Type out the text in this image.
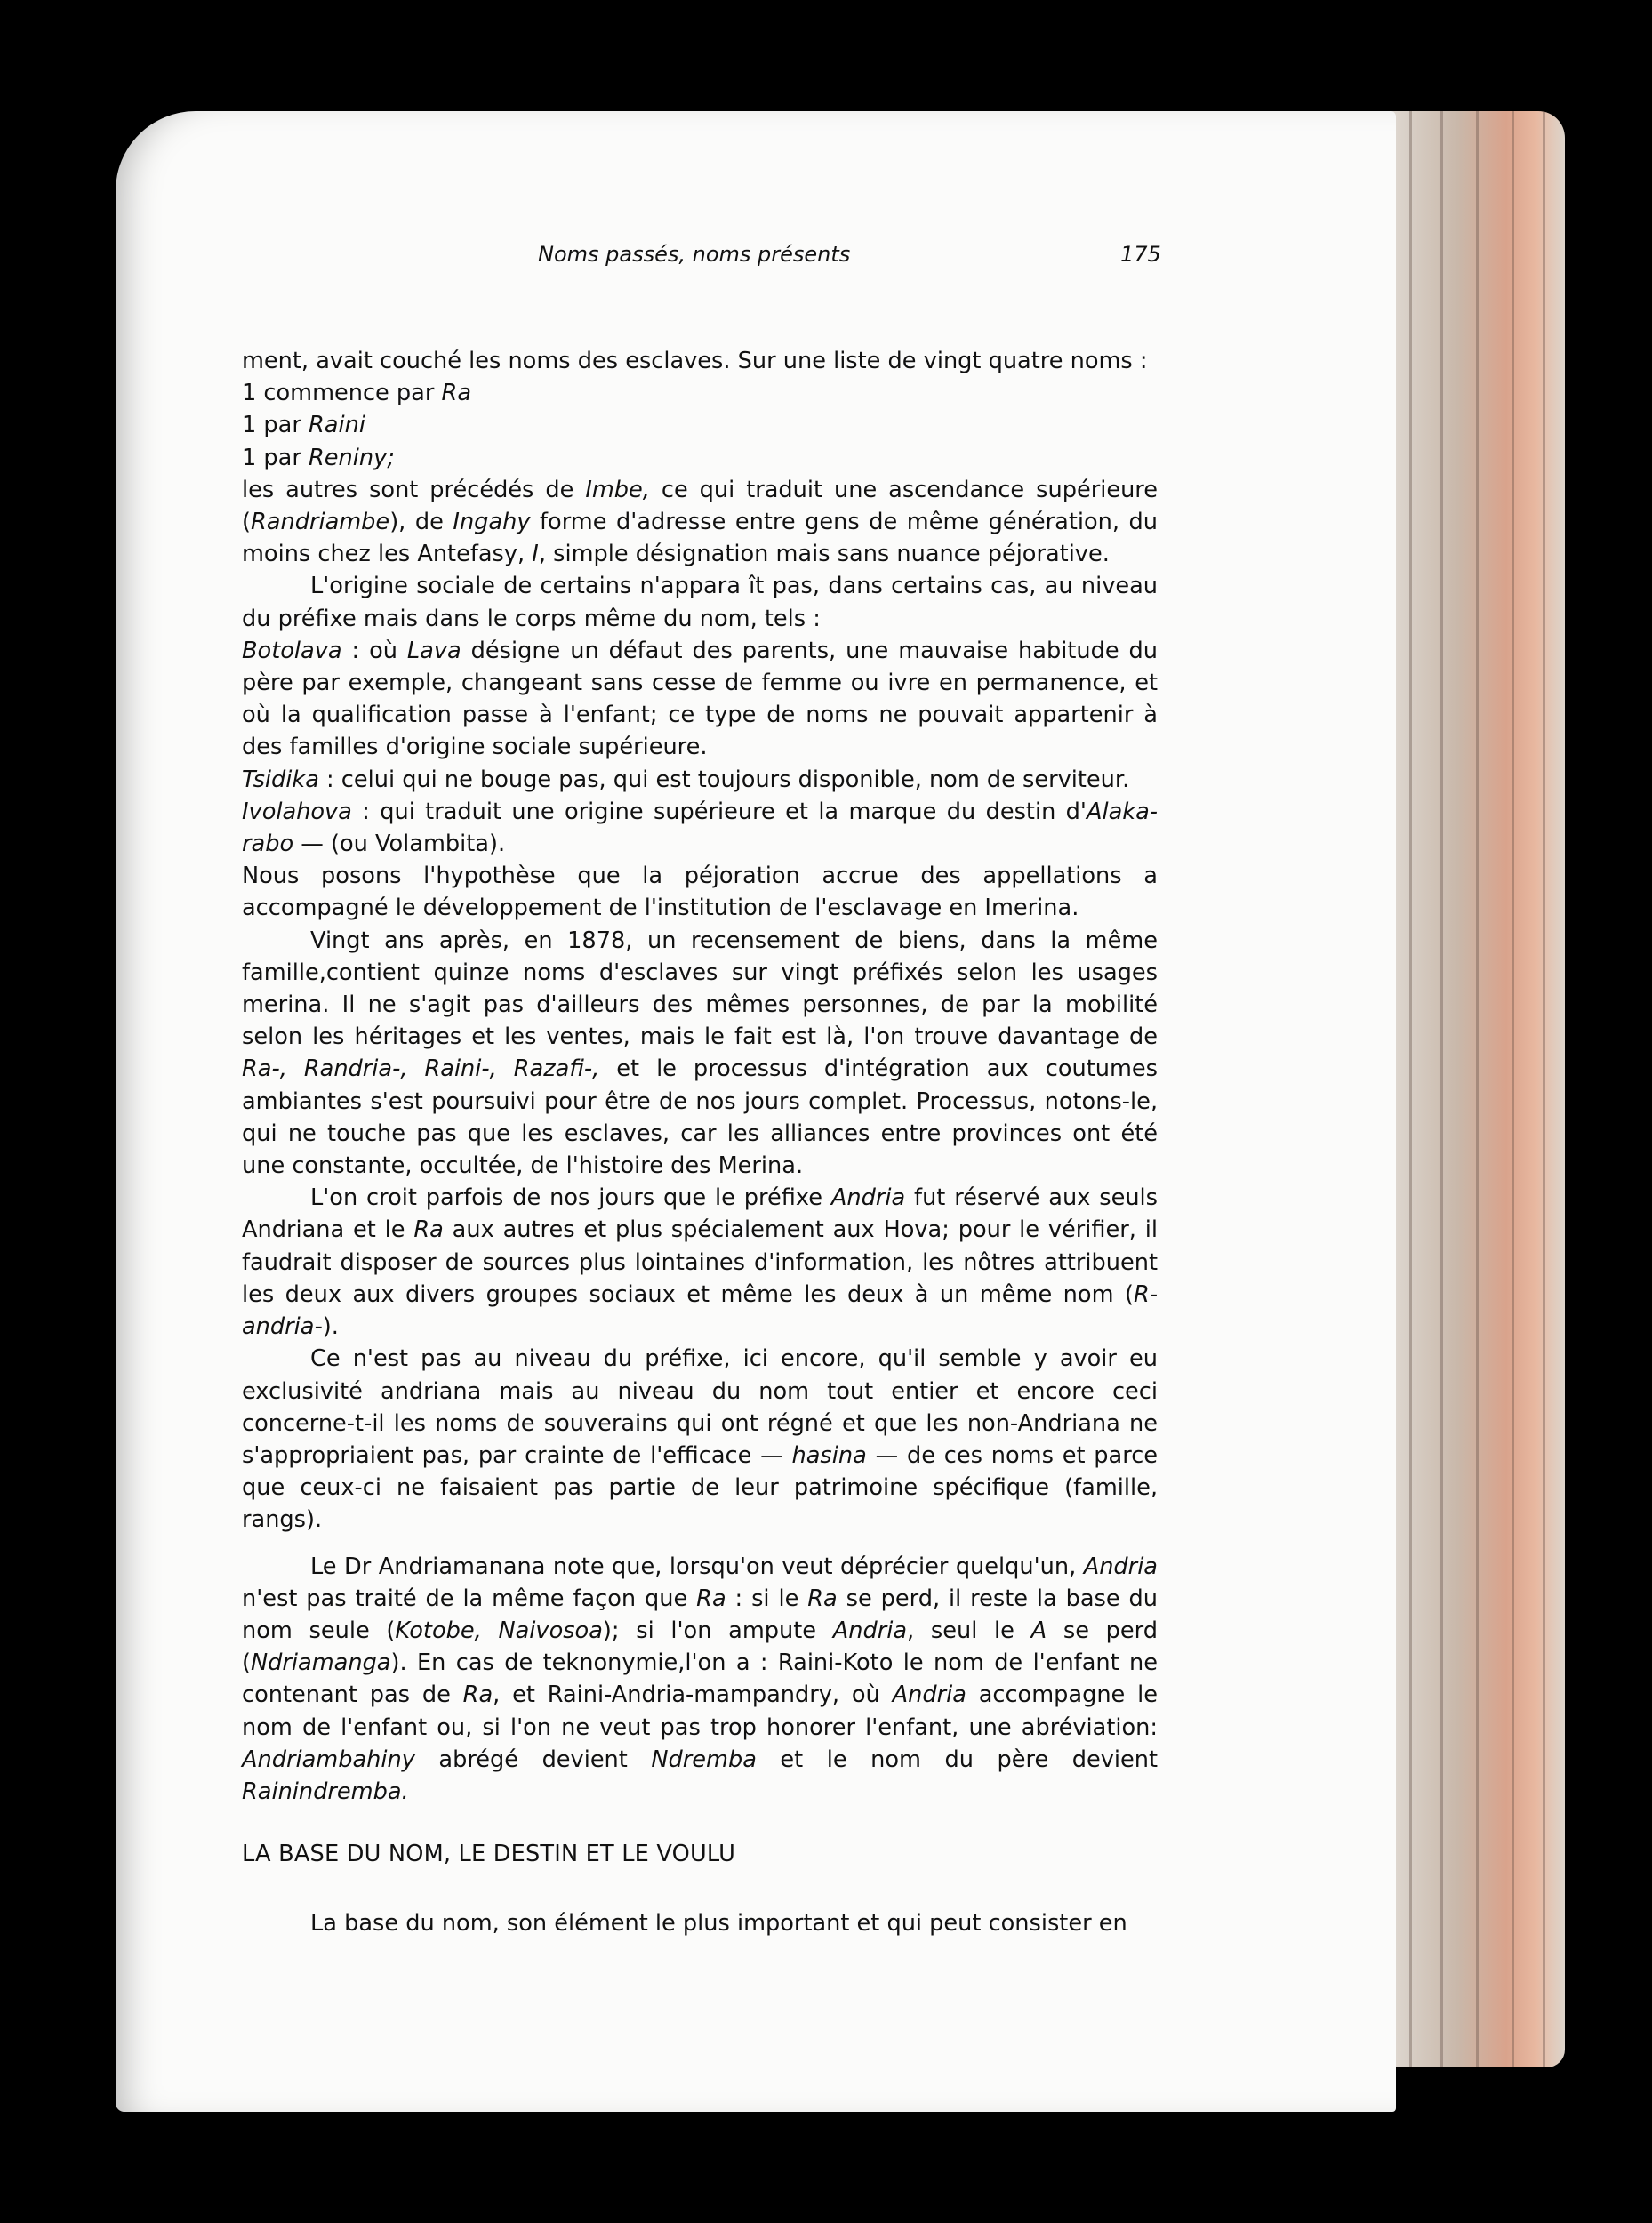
Noms passés, noms présents	175

ment, avait couché les noms des esclaves. Sur une liste de vingt quatre noms :

1 commence par Ra

1 par Raini

1 par Reniny;

les autres sont précédés de Imbe, ce qui traduit une ascendance supérieure (Randriambe), de Ingahy forme d'adresse entre gens de même génération, du moins chez les Antefasy, I, simple désignation mais sans nuance péjorative.

L'origine sociale de certains n'appara ît pas, dans certains cas, au niveau du préfixe mais dans le corps même du nom, tels :

Botolava : où Lava désigne un défaut des parents, une mauvaise habitude du père par exemple, changeant sans cesse de femme ou ivre en permanence, et où la qualification passe à l'enfant; ce type de noms ne pouvait appartenir à des familles d'origine sociale supérieure.

Tsidika : celui qui ne bouge pas, qui est toujours disponible, nom de serviteur.

Ivolahova : qui traduit une origine supérieure et la marque du destin d'Alaka-rabo — (ou Volambita).

Nous posons l'hypothèse que la péjoration accrue des appellations a accompagné le développement de l'institution de l'esclavage en Imerina.

Vingt ans après, en 1878, un recensement de biens, dans la même famille,contient quinze noms d'esclaves sur vingt préfixés selon les usages merina. Il ne s'agit pas d'ailleurs des mêmes personnes, de par la mobilité selon les héritages et les ventes, mais le fait est là, l'on trouve davantage de Ra-, Randria-, Raini-, Razafi-, et le processus d'intégration aux coutumes ambiantes s'est poursuivi pour être de nos jours complet. Processus, notons-le, qui ne touche pas que les esclaves, car les alliances entre provinces ont été une constante, occultée, de l'histoire des Merina.

L'on croit parfois de nos jours que le préfixe Andria fut réservé aux seuls Andriana et le Ra aux autres et plus spécialement aux Hova; pour le vérifier, il faudrait disposer de sources plus lointaines d'information, les nôtres attribuent les deux aux divers groupes sociaux et même les deux à un même nom (R-andria-).

Ce n'est pas au niveau du préfixe, ici encore, qu'il semble y avoir eu exclusivité andriana mais au niveau du nom tout entier et encore ceci concerne-t-il les noms de souverains qui ont régné et que les non-Andriana ne s'appropriaient pas, par crainte de l'efficace — hasina — de ces noms et parce que ceux-ci ne faisaient pas partie de leur patrimoine spécifique (famille, rangs).

Le Dr Andriamanana note que, lorsqu'on veut déprécier quelqu'un, Andria n'est pas traité de la même façon que Ra : si le Ra se perd, il reste la base du nom seule (Kotobe, Naivosoa); si l'on ampute Andria, seul le A se perd (Ndriamanga). En cas de teknonymie,l'on a : Raini-Koto le nom de l'enfant ne contenant pas de Ra, et Raini-Andria-mampandry, où Andria accompagne le nom de l'enfant ou, si l'on ne veut pas trop honorer l'enfant, une abréviation: Andriambahiny abrégé devient Ndremba et le nom du père devient Rainindremba.

LA BASE DU NOM, LE DESTIN ET LE VOULU

La base du nom, son élément le plus important et qui peut consister en
